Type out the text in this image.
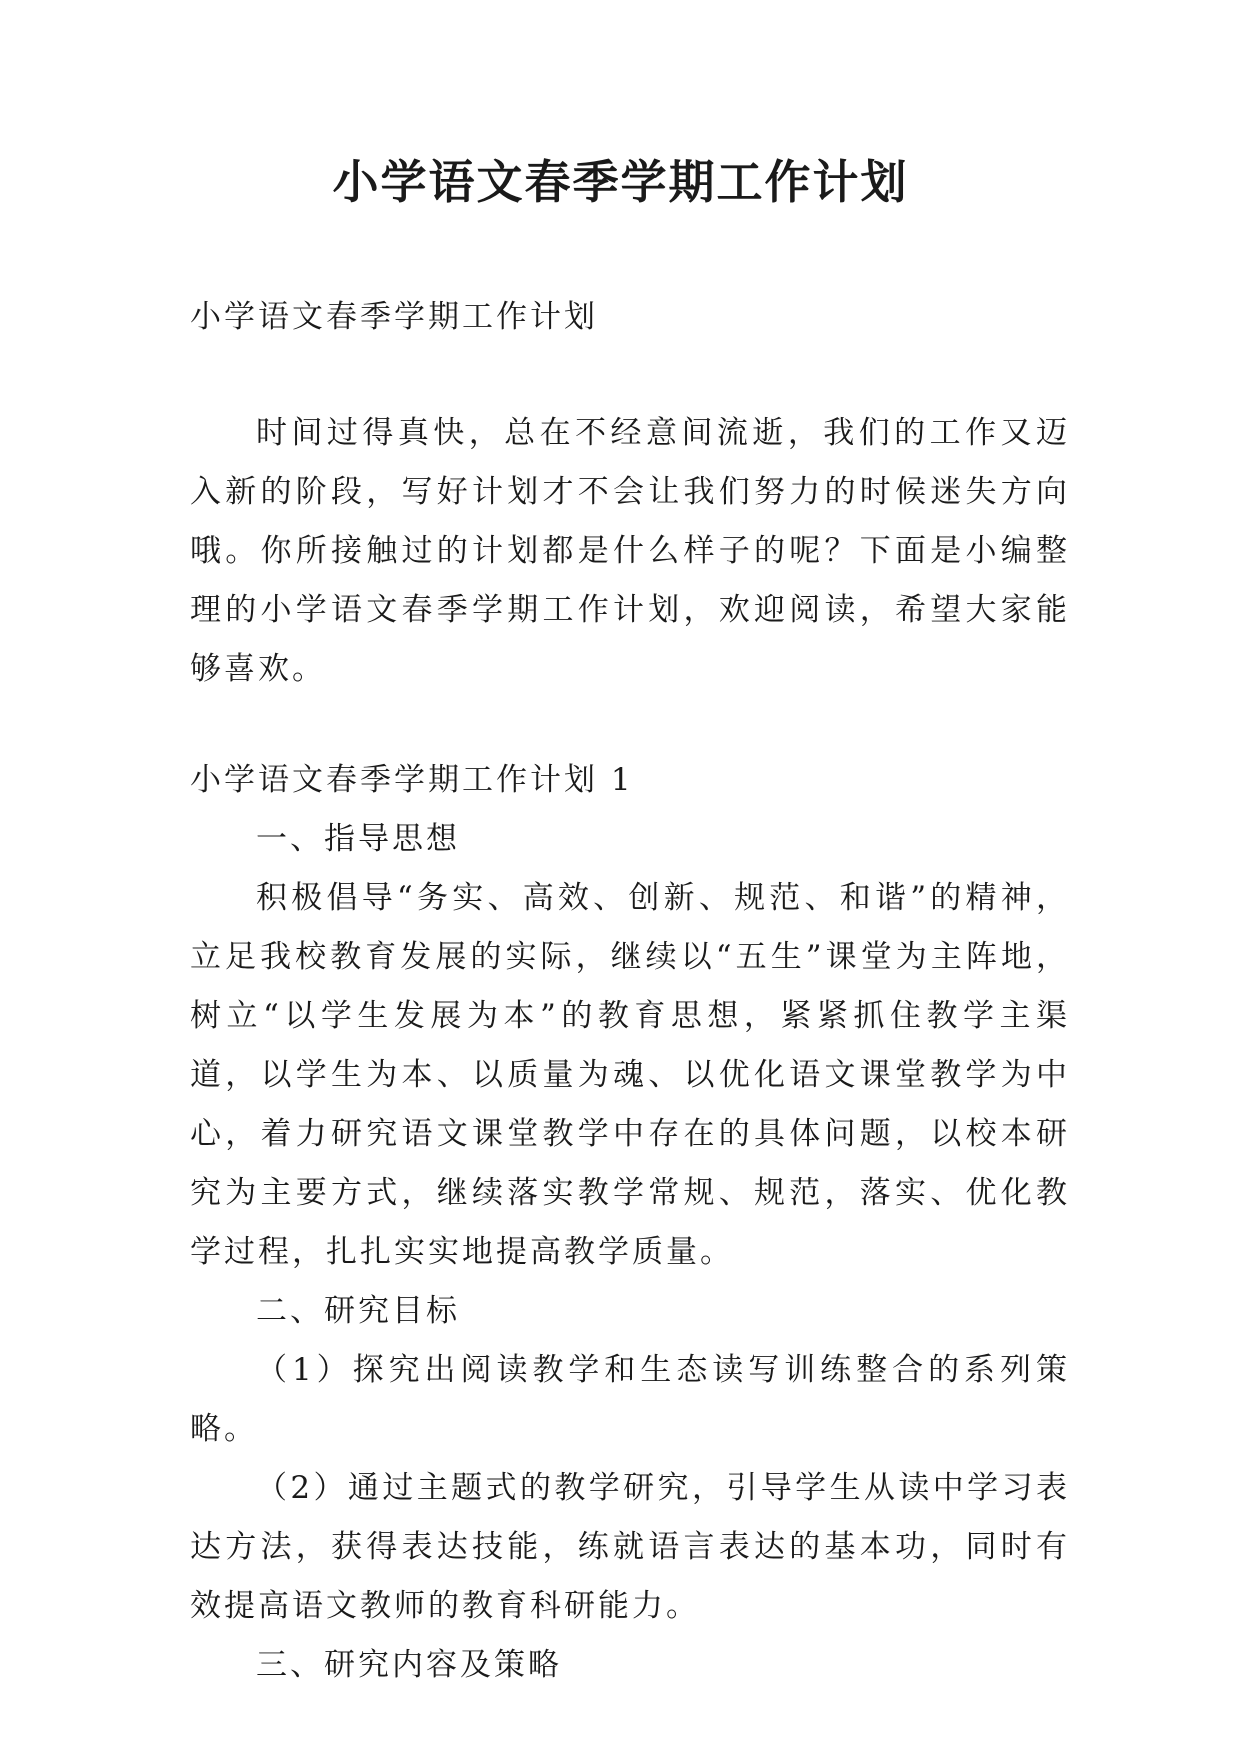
小学语文春季学期工作计划

小学语文春季学期工作计划

时间过得真快，总在不经意间流逝，我们的工作又迈入新的阶段，写好计划才不会让我们努力的时候迷失方向哦。你所接触过的计划都是什么样子的呢？下面是小编整理的小学语文春季学期工作计划，欢迎阅读，希望大家能够喜欢。

小学语文春季学期工作计划 1

一、指导思想

积极倡导“务实、高效、创新、规范、和谐”的精神，立足我校教育发展的实际，继续以“五生”课堂为主阵地，树立“以学生发展为本”的教育思想，紧紧抓住教学主渠道，以学生为本、以质量为魂、以优化语文课堂教学为中心，着力研究语文课堂教学中存在的具体问题，以校本研究为主要方式，继续落实教学常规、规范，落实、优化教学过程，扎扎实实地提高教学质量。

二、研究目标

（1）探究出阅读教学和生态读写训练整合的系列策略。

（2）通过主题式的教学研究，引导学生从读中学习表达方法，获得表达技能，练就语言表达的基本功，同时有效提高语文教师的教育科研能力。

三、研究内容及策略
